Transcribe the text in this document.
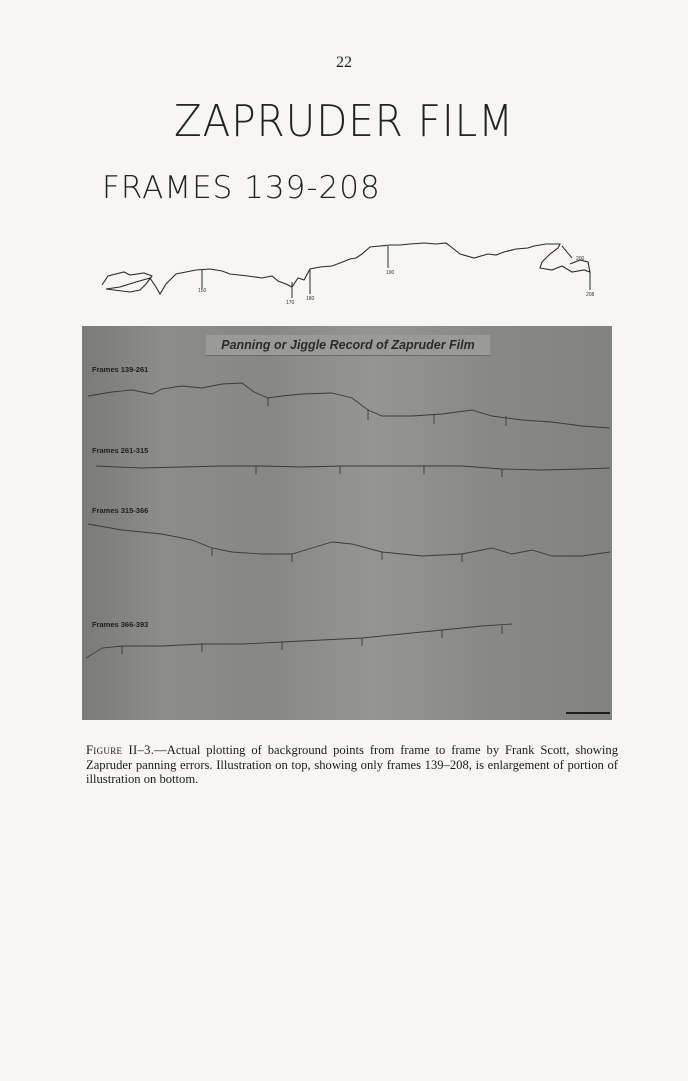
22
ZAPRUDER FILM
FRAMES 139-208
150
170
180
190
200
208
Panning or Jiggle Record of Zapruder Film
Frames 139-261
Frames 261-315
Frames 315-366
Frames 366-393
Figure II–3.—Actual plotting of background points from frame to frame by Frank Scott, showing Zapruder panning errors. Illustration on top, showing only frames 139–208, is enlargement of portion of illustration on bottom.
